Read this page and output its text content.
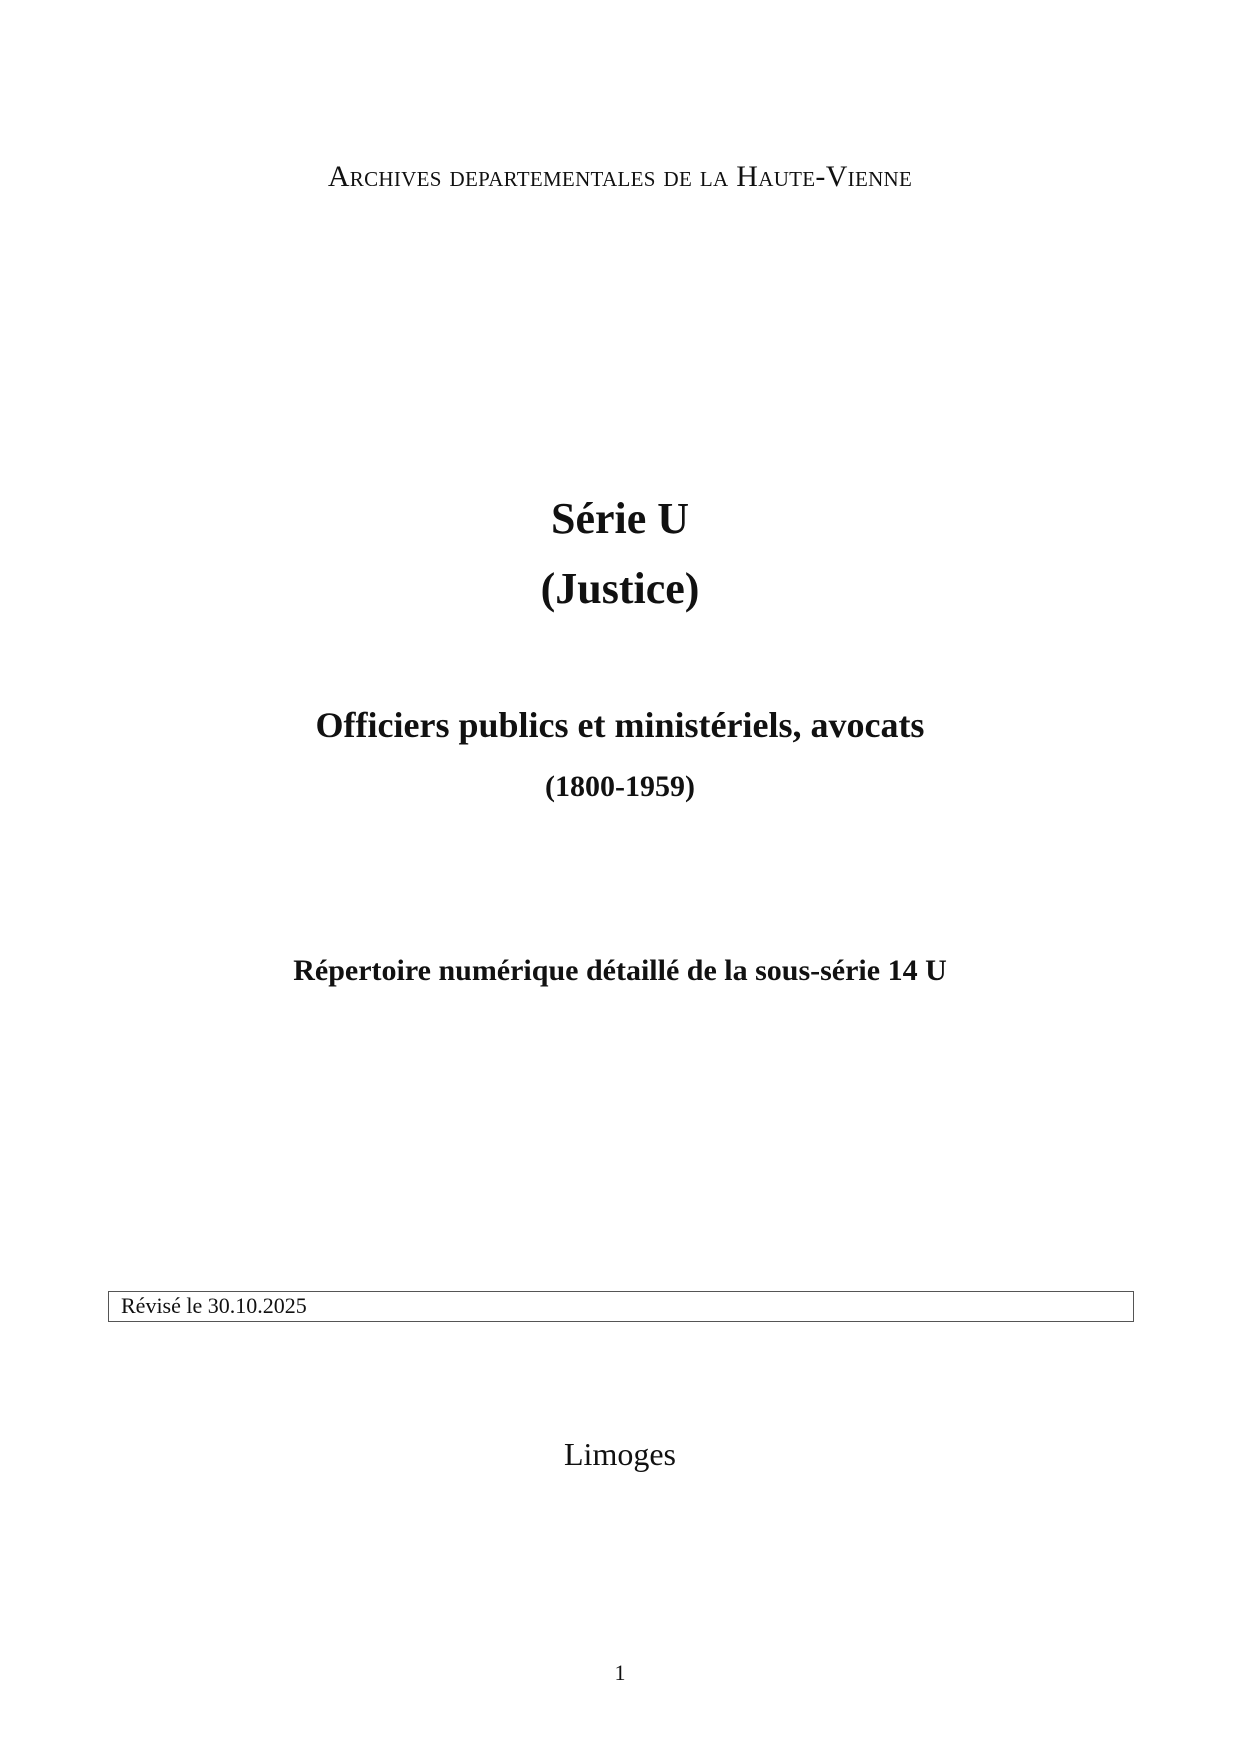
Archives departementales de la Haute-Vienne
Série U
(Justice)
Officiers publics et ministériels, avocats
(1800-1959)
Répertoire numérique détaillé de la sous-série 14 U
Révisé le 30.10.2025
Limoges
1
